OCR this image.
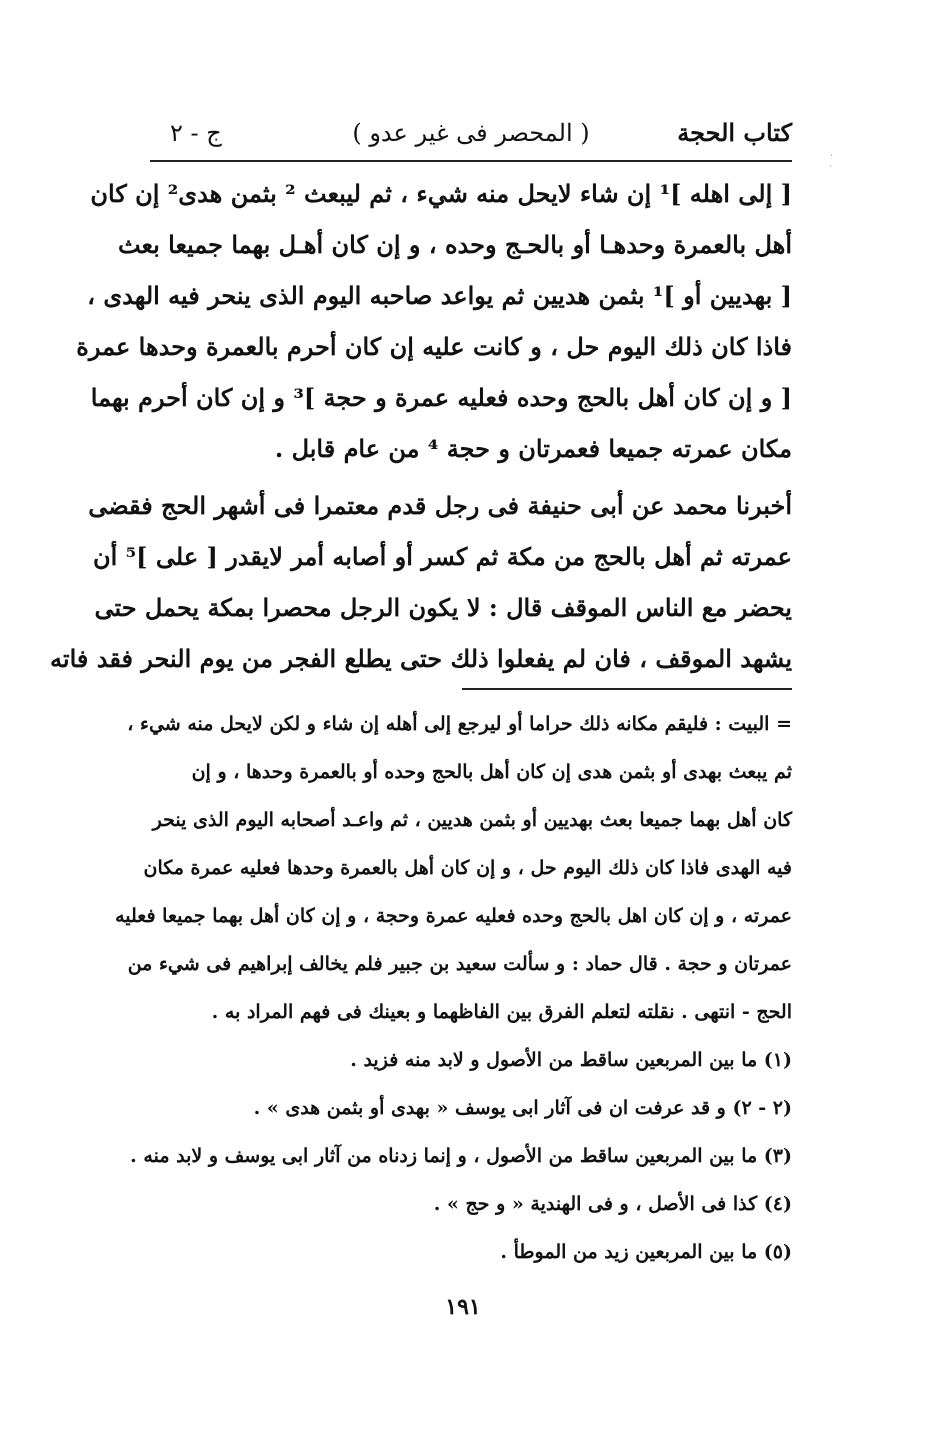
كتاب الحجة
( المحصر فى غير عدو )
ج - ٢
·
˙
[ إلى اهله ]¹ إن شاء لايحل منه شيء ، ثم ليبعث ² بثمن هدى² إن كان
أهل بالعمرة وحدهـا أو بالحـج وحده ، و إن كان أهـل بهما جميعا بعث
[ بهديين أو ]¹ بثمن هديين ثم يواعد صاحبه اليوم الذى ينحر فيه الهدى ،
فاذا كان ذلك اليوم حل ، و كانت عليه إن كان أحرم بالعمرة وحدها عمرة
[ و إن كان أهل بالحج وحده فعليه عمرة و حجة ]³ و إن كان أحرم بهما
مكان عمرته جميعا فعمرتان و حجة ⁴ من عام قابل .
أخبرنا محمد عن أبى حنيفة فى رجل قدم معتمرا فى أشهر الحج فقضى
عمرته ثم أهل بالحج من مكة ثم كسر أو أصابه أمر لايقدر [ على ]⁵ أن
يحضر مع الناس الموقف قال : لا يكون الرجل محصرا بمكة يحمل حتى
يشهد الموقف ، فان لم يفعلوا ذلك حتى يطلع الفجر من يوم النحر فقد فاته
= البيت : فليقم مكانه ذلك حراما أو ليرجع إلى أهله إن شاء و لكن لايحل منه شيء ،
ثم يبعث بهدى أو بثمن هدى إن كان أهل بالحج وحده أو بالعمرة وحدها ، و إن
كان أهل بهما جميعا بعث بهديين أو بثمن هديين ، ثم واعـد أصحابه اليوم الذى ينحر
فيه الهدى فاذا كان ذلك اليوم حل ، و إن كان أهل بالعمرة وحدها فعليه عمرة مكان
عمرته ، و إن كان اهل بالحج وحده فعليه عمرة وحجة ، و إن كان أهل بهما جميعا فعليه
عمرتان و حجة . قال حماد : و سألت سعيد بن جبير فلم يخالف إبراهيم فى شيء من
الحج - انتهى . نقلته لتعلم الفرق بين الفاظهما و بعينك فى فهم المراد به .
(١) ما بين المربعين ساقط من الأصول و لابد منه فزيد .
(٢ - ٢) و قد عرفت ان فى آثار ابى يوسف « بهدى أو بثمن هدى » .
(٣) ما بين المربعين ساقط من الأصول ، و إنما زدناه من آثار ابى يوسف و لابد منه .
(٤) كذا فى الأصل ، و فى الهندية « و حج » .
(٥) ما بين المربعين زيد من الموطأ .
١٩١
